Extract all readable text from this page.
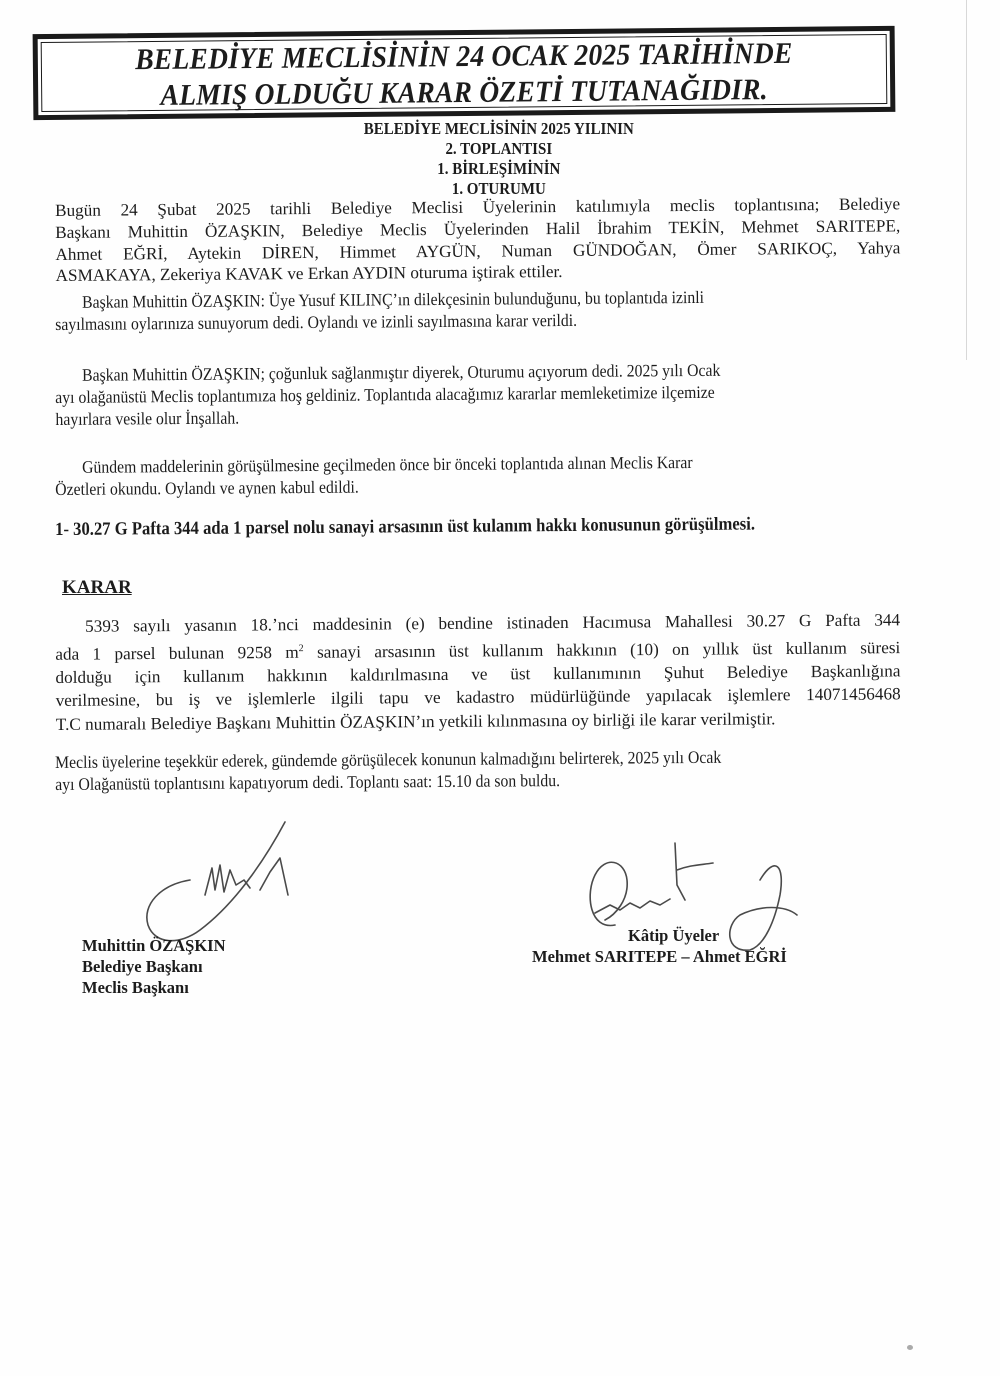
BELEDİYE MECLİSİNİN 24 OCAK 2025 TARİHİNDE
ALMIŞ OLDUĞU KARAR ÖZETİ TUTANAĞIDIR.
BELEDİYE MECLİSİNİN 2025 YILININ
2. TOPLANTISI
1. BİRLEŞİMİNİN
1. OTURUMU
Bugün 24 Şubat 2025 tarihli Belediye Meclisi Üyelerinin katılımıyla meclis toplantısına; Belediye
Başkanı Muhittin ÖZAŞKIN, Belediye Meclis Üyelerinden Halil İbrahim TEKİN, Mehmet SARITEPE,
Ahmet EĞRİ, Aytekin DİREN, Himmet AYGÜN, Numan GÜNDOĞAN, Ömer SARIKOÇ, Yahya
ASMAKAYA, Zekeriya KAVAK ve Erkan AYDIN oturuma iştirak ettiler.
Başkan Muhittin ÖZAŞKIN: Üye Yusuf KILINÇ’ın dilekçesinin bulunduğunu, bu toplantıda izinli
sayılmasını oylarınıza sunuyorum dedi. Oylandı ve izinli sayılmasına karar verildi.
Başkan Muhittin ÖZAŞKIN; çoğunluk sağlanmıştır diyerek, Oturumu açıyorum dedi. 2025 yılı Ocak
ayı olağanüstü Meclis toplantımıza hoş geldiniz. Toplantıda alacağımız kararlar memleketimize ilçemize
hayırlara vesile olur İnşallah.
Gündem maddelerinin görüşülmesine geçilmeden önce bir önceki toplantıda alınan Meclis Karar
Özetleri okundu. Oylandı ve aynen kabul edildi.
1- 30.27 G Pafta 344 ada 1 parsel nolu sanayi arsasının üst kulanım hakkı konusunun görüşülmesi.
KARAR
5393 sayılı yasanın 18.’nci maddesinin (e) bendine istinaden Hacımusa Mahallesi 30.27 G Pafta 344
ada 1 parsel bulunan 9258 $m^2$ sanayi arsasının üst kullanım hakkının (10) on yıllık üst kullanım süresi
dolduğu için kullanım hakkının kaldırılmasına ve üst kullanımının Şuhut Belediye Başkanlığına
verilmesine, bu iş ve işlemlerle ilgili tapu ve kadastro müdürlüğünde yapılacak işlemlere 14071456468
T.C numaralı Belediye Başkanı Muhittin ÖZAŞKIN’ın yetkili kılınmasına oy birliği ile karar verilmiştir.
Meclis üyelerine teşekkür ederek, gündemde görüşülecek konunun kalmadığını belirterek, 2025 yılı Ocak
ayı Olağanüstü toplantısını kapatıyorum dedi. Toplantı saat: 15.10 da son buldu.
Muhittin ÖZAŞKIN
Belediye Başkanı
Meclis Başkanı
Kâtip Üyeler
Mehmet SARITEPE – Ahmet EĞRİ
